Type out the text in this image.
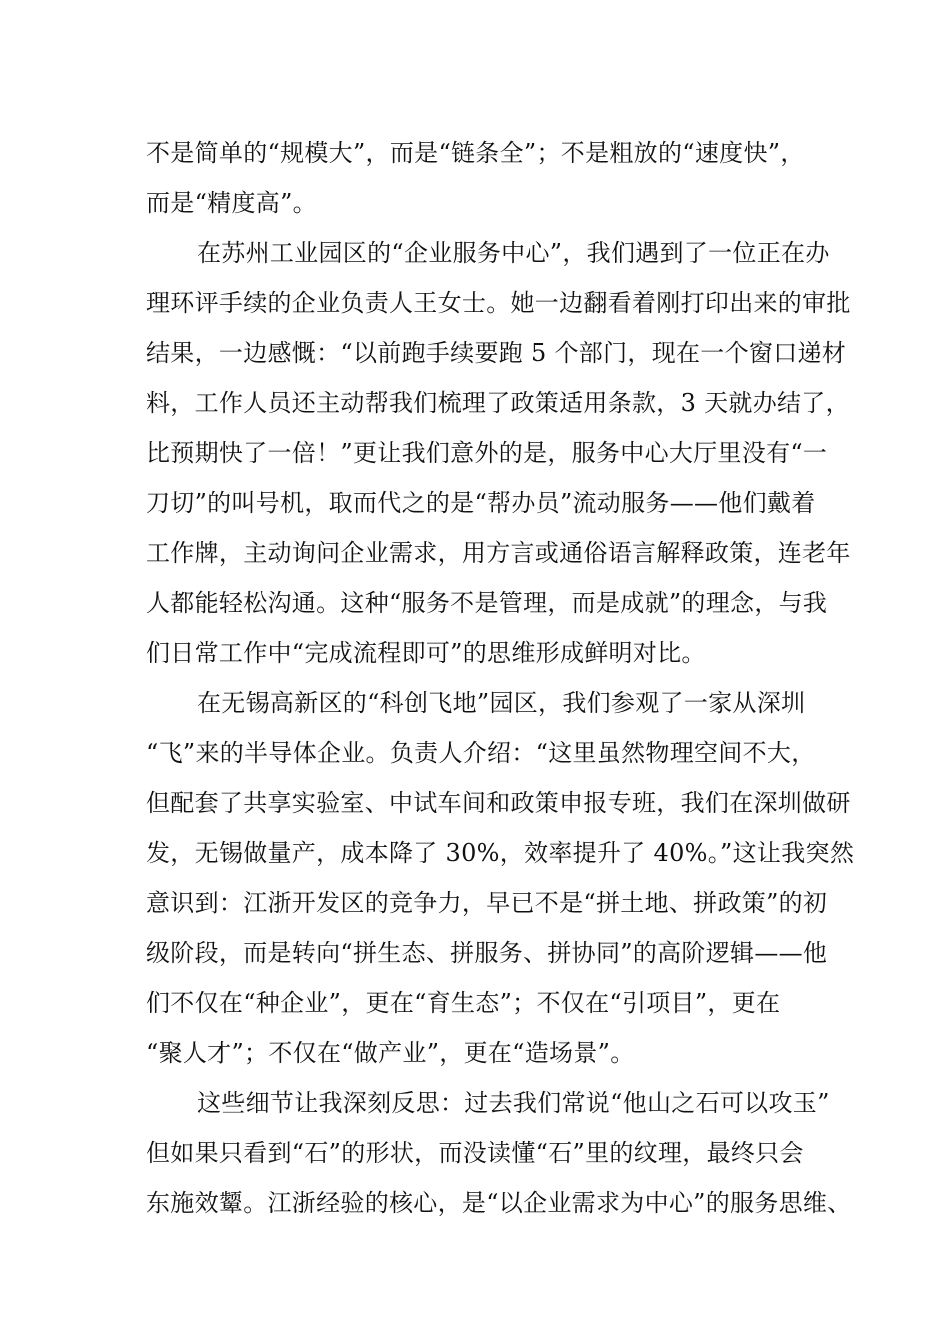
不是简单的“规模大”，而是“链条全”；不是粗放的“速度快”，
而是“精度高”。
在苏州工业园区的“企业服务中心”，我们遇到了一位正在办
理环评手续的企业负责人王女士。她一边翻看着刚打印出来的审批
结果，一边感慨：“以前跑手续要跑 5 个部门，现在一个窗口递材
料，工作人员还主动帮我们梳理了政策适用条款，3 天就办结了，
比预期快了一倍！”更让我们意外的是，服务中心大厅里没有“一
刀切”的叫号机，取而代之的是“帮办员”流动服务——他们戴着
工作牌，主动询问企业需求，用方言或通俗语言解释政策，连老年
人都能轻松沟通。这种“服务不是管理，而是成就”的理念，与我
们日常工作中“完成流程即可”的思维形成鲜明对比。
在无锡高新区的“科创飞地”园区，我们参观了一家从深圳
“飞”来的半导体企业。负责人介绍：“这里虽然物理空间不大，
但配套了共享实验室、中试车间和政策申报专班，我们在深圳做研
发，无锡做量产，成本降了 30%，效率提升了 40%。”这让我突然
意识到：江浙开发区的竞争力，早已不是“拼土地、拼政策”的初
级阶段，而是转向“拼生态、拼服务、拼协同”的高阶逻辑——他
们不仅在“种企业”，更在“育生态”；不仅在“引项目”，更在
“聚人才”；不仅在“做产业”，更在“造场景”。
这些细节让我深刻反思：过去我们常说“他山之石可以攻玉”
但如果只看到“石”的形状，而没读懂“石”里的纹理，最终只会
东施效颦。江浙经验的核心，是“以企业需求为中心”的服务思维、
